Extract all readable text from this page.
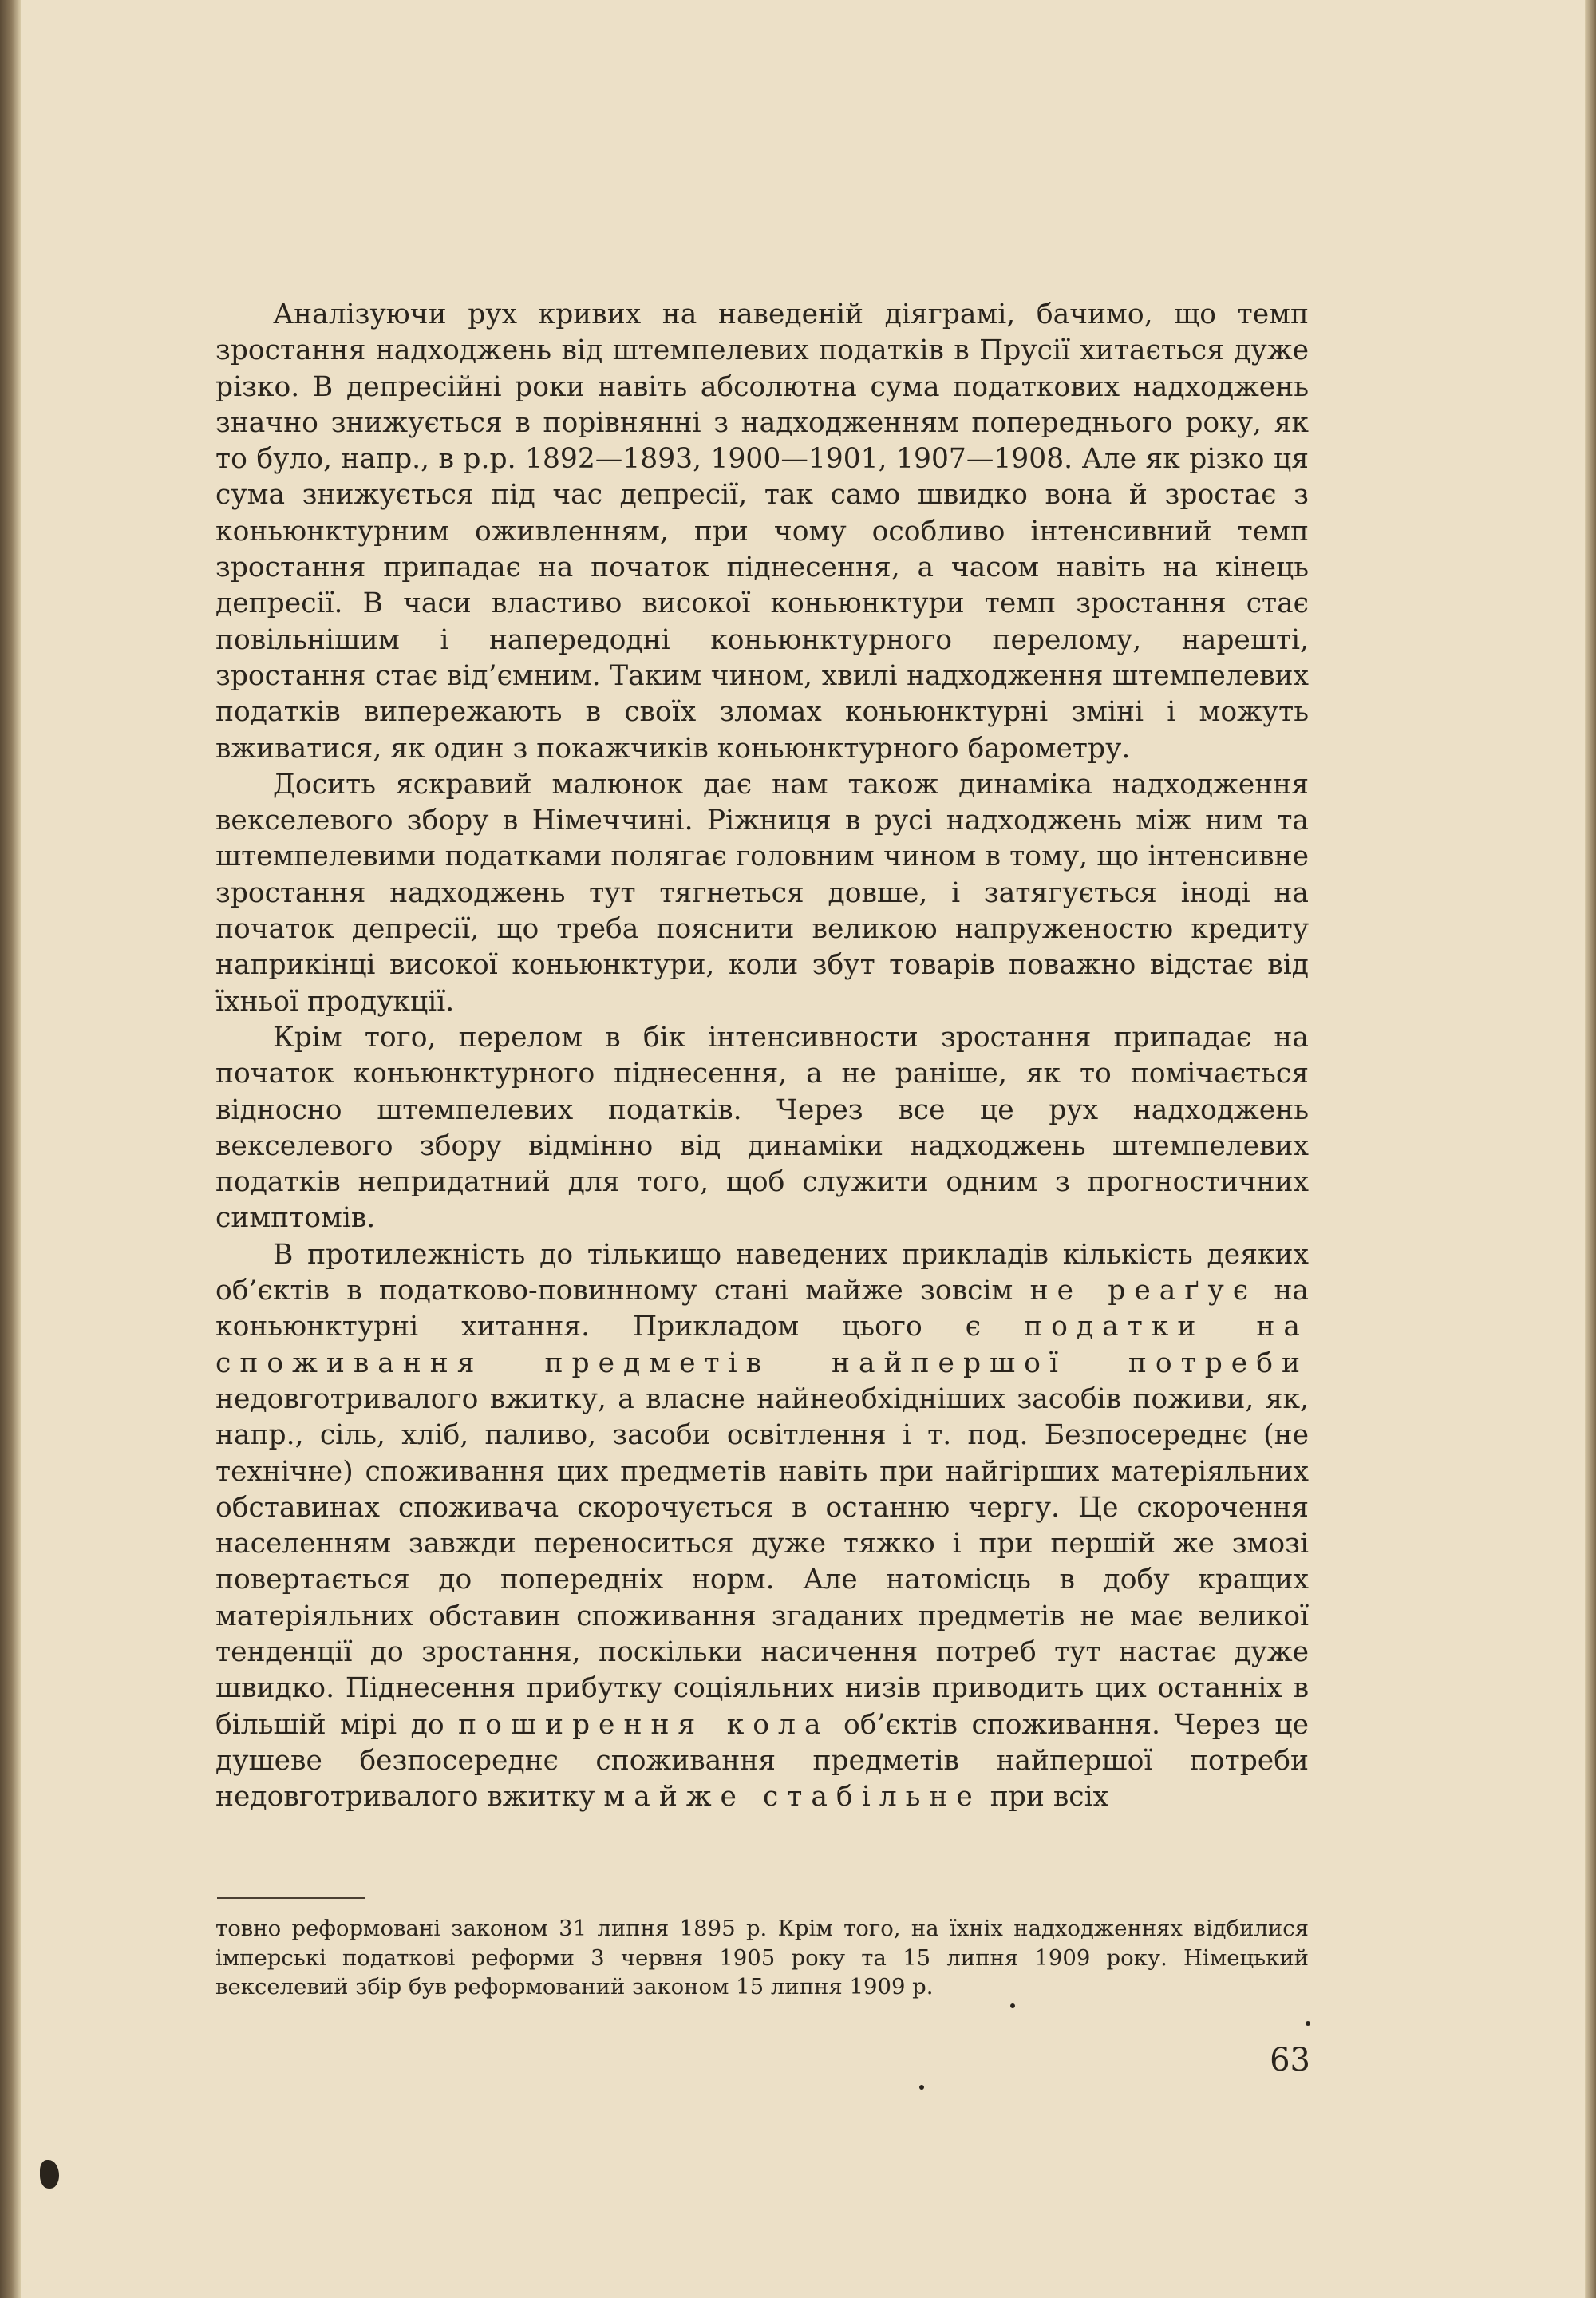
Аналізуючи рух кривих на наведеній діяграмі, бачимо, що темп зростання надходжень від штемпелевих податків в Прусії хитається дуже різко. В депресійні роки навіть абсолютна сума податкових надходжень значно знижується в порівнянні з надходженням попереднього року, як то було, напр., в р.р. 1892—1893, 1900—1901, 1907—1908. Але як різко ця сума знижується під час депресії, так само швидко вона й зростає з коньюнктурним оживленням, при чому особливо інтенсивний темп зростання припадає на початок піднесення, а часом навіть на кінець депресії. В часи властиво високої коньюнктури темп зростання стає повільнішим і напередодні коньюнктурного перелому, нарешті, зростання стає від’ємним. Таким чином, хвилі надходження штемпелевих податків випережають в своїх зломах коньюнктурні зміні і можуть вживатися, як один з покажчиків коньюнктурного барометру.

Досить яскравий малюнок дає нам також динаміка надходження векселевого збору в Німеччині. Ріжниця в русі надходжень між ним та штемпелевими податками полягає головним чином в тому, що інтенсивне зростання надходжень тут тягнеться довше, і затягується іноді на початок депресії, що треба пояснити великою напруженостю кредиту наприкінці високої коньюнктури, коли збут товарів поважно відстає від їхньої продукції.

Крім того, перелом в бік інтенсивности зростання припадає на початок коньюнктурного піднесення, а не раніше, як то помічається відносно штемпелевих податків. Через все це рух надходжень векселевого збору відмінно від динаміки надходжень штемпелевих податків непридатний для того, щоб служити одним з прогностичних симптомів.

В протилежність до тількищо наведених прикладів кількість деяких об’єктів в податково-повинному стані майже зовсім не реаґує на коньюнктурні хитання. Прикладом цього є податки на споживання предметів найпершої потреби недовготривалого вжитку, а власне найнеобхідніших засобів поживи, як, напр., сіль, хліб, паливо, засоби освітлення і т. под. Безпосереднє (не технічне) споживання цих предметів навіть при найгірших матеріяльних обставинах споживача скорочується в останню чергу. Це скорочення населенням завжди переноситься дуже тяжко і при першій же змозі повертається до попередніх норм. Але натомісць в добу кращих матеріяльних обставин споживання згаданих предметів не має великої тенденції до зростання, поскільки насичення потреб тут настає дуже швидко. Піднесення прибутку соціяльних низів приводить цих останніх в більшій мірі до поширення кола об’єктів споживання. Через це душеве безпосереднє споживання предметів найпершої потреби недовготривалого вжитку майже стабільне при всіх

товно реформовані законом 31 липня 1895 р. Крім того, на їхніх надходженнях відбилися імперські податкові реформи 3 червня 1905 року та 15 липня 1909 року. Німецький векселевий збір був реформований законом 15 липня 1909 р.

63
